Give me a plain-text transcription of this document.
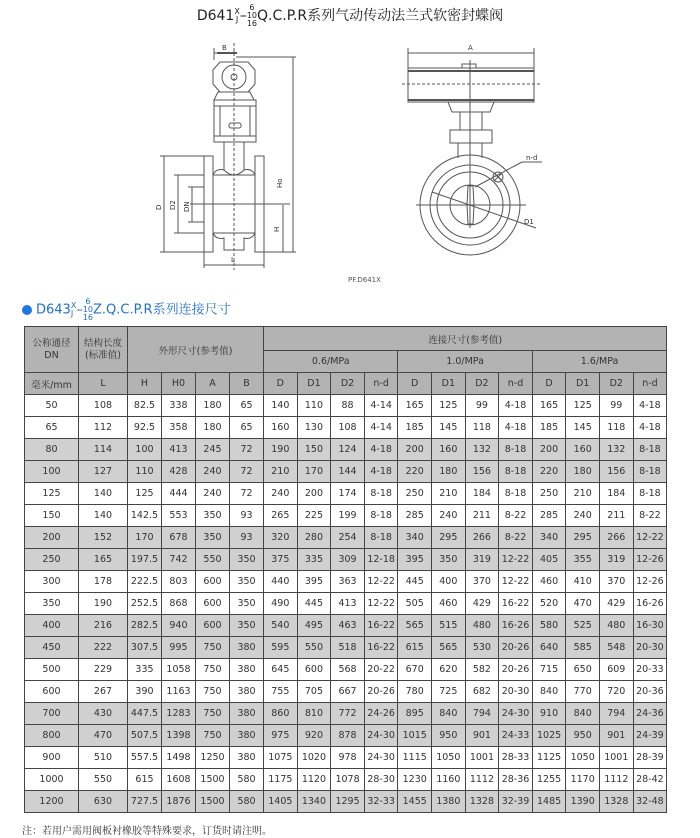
D641 X
J –
6
10
16 Q.C.P.R系列气动传动法兰式软密封蝶阀
B
Ho
D D2 DN
H
L
A
n-d
D1
PF.D641X
D643 X
J –
6
10
16 Z.Q.C.P.R系列连接尺寸
公称通径
DN	结构长度
(标准值)	外形尺寸(参考值)				连接尺寸(参考值)											
						0.6/MPa				1.0/MPa				1.6/MPa			
毫米/mm	L	H	H0	A	B	D	D1	D2	n-d	D	D1	D2	n-d	D	D1	D2	n-d
50	108	82.5	338	180	65	140	110	88	4-14	165	125	99	4-18	165	125	99	4-18
65	112	92.5	358	180	65	160	130	108	4-14	185	145	118	4-18	185	145	118	4-18
80	114	100	413	245	72	190	150	124	4-18	200	160	132	8-18	200	160	132	8-18
100	127	110	428	240	72	210	170	144	4-18	220	180	156	8-18	220	180	156	8-18
125	140	125	444	240	72	240	200	174	8-18	250	210	184	8-18	250	210	184	8-18
150	140	142.5	553	350	93	265	225	199	8-18	285	240	211	8-22	285	240	211	8-22
200	152	170	678	350	93	320	280	254	8-18	340	295	266	8-22	340	295	266	12-22
250	165	197.5	742	550	350	375	335	309	12-18	395	350	319	12-22	405	355	319	12-26
300	178	222.5	803	600	350	440	395	363	12-22	445	400	370	12-22	460	410	370	12-26
350	190	252.5	868	600	350	490	445	413	12-22	505	460	429	16-22	520	470	429	16-26
400	216	282.5	940	600	350	540	495	463	16-22	565	515	480	16-26	580	525	480	16-30
450	222	307.5	995	750	380	595	550	518	16-22	615	565	530	20-26	640	585	548	20-30
500	229	335	1058	750	380	645	600	568	20-22	670	620	582	20-26	715	650	609	20-33
600	267	390	1163	750	380	755	705	667	20-26	780	725	682	20-30	840	770	720	20-36
700	430	447.5	1283	750	380	860	810	772	24-26	895	840	794	24-30	910	840	794	24-36
800	470	507.5	1398	750	380	975	920	878	24-30	1015	950	901	24-33	1025	950	901	24-39
900	510	557.5	1498	1250	380	1075	1020	978	24-30	1115	1050	1001	28-33	1125	1050	1001	28-39
1000	550	615	1608	1500	580	1175	1120	1078	28-30	1230	1160	1112	28-36	1255	1170	1112	28-42
1200	630	727.5	1876	1500	580	1405	1340	1295	32-33	1455	1380	1328	32-39	1485	1390	1328	32-48
注：若用户需用阀板衬橡胶等特殊要求，订货时请注明。
